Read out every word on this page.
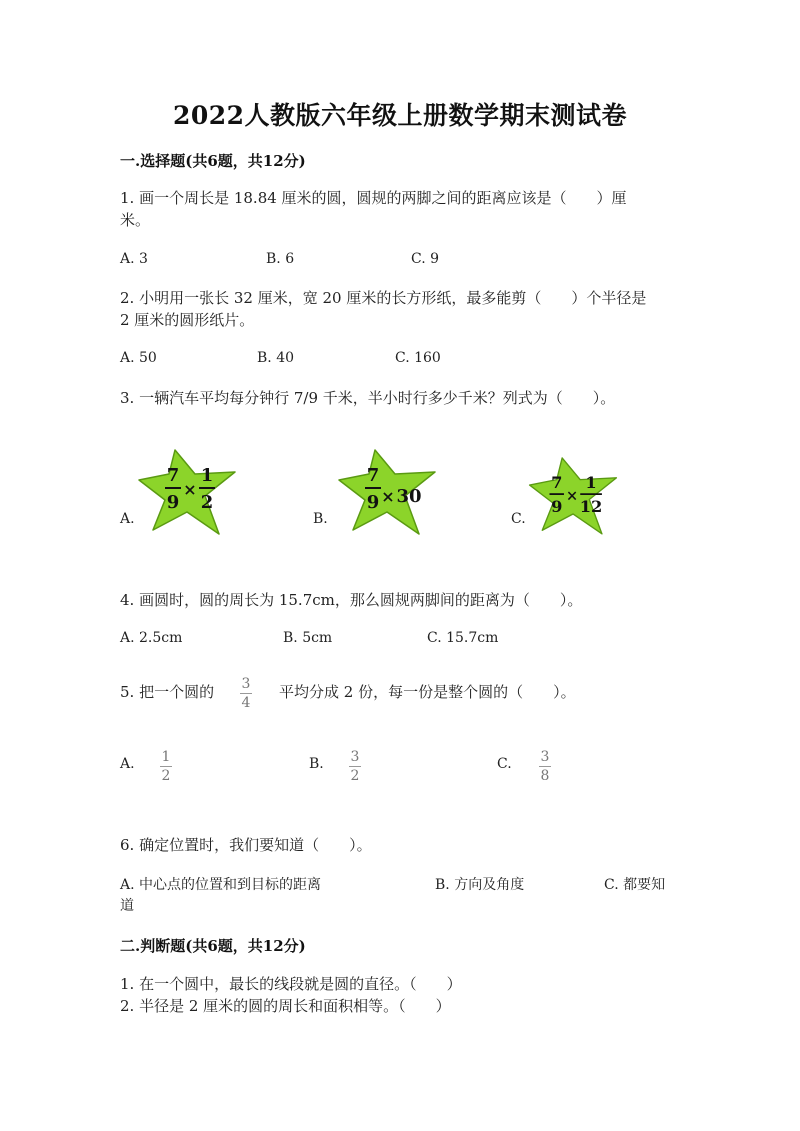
2022人教版六年级上册数学期末测试卷
一.选择题(共6题，共12分)
1. 画一个周长是 18.84 厘米的圆，圆规的两脚之间的距离应该是（　　）厘
米。
A. 3	B. 6	C. 9
2. 小明用一张长 32 厘米，宽 20 厘米的长方形纸，最多能剪（　　）个半径是
2 厘米的圆形纸片。
A. 50	B. 40	C. 160
3. 一辆汽车平均每分钟行 7/9 千米，半小时行多少千米？列式为（　　）。
A.
7
9
×
1
2
B.
7
9 × 30
C.
7
9
×
1
12
4. 画圆时，圆的周长为 15.7cm，那么圆规两脚间的距离为（　　）。
A. 2.5cm	B. 5cm	C. 15.7cm
5. 把一个圆的 3
4
平均分成 2 份，每一份是整个圆的（　　）。
A. 1
2
B. 3
2
C. 3
8
6. 确定位置时，我们要知道（　　）。
A. 中心点的位置和到目标的距离	B. 方向及角度	C. 都要知
道
二.判断题(共6题，共12分)
1. 在一个圆中，最长的线段就是圆的直径。（　　）
2. 半径是 2 厘米的圆的周长和面积相等。（　　）
